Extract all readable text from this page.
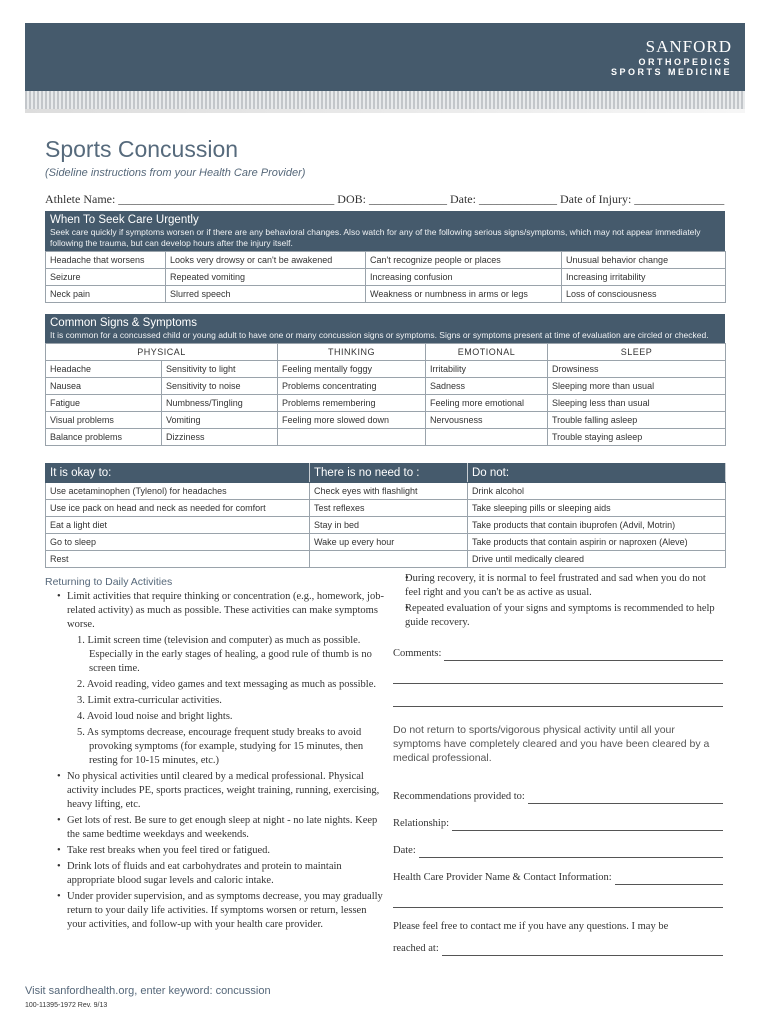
SANFORD
ORTHOPEDICS
SPORTS MEDICINE
Sports Concussion
(Sideline instructions from your Health Care Provider)
Athlete Name: ____________________________________ DOB: _____________ Date: _____________ Date of Injury: _______________
When To Seek Care Urgently
Seek care quickly if symptoms worsen or if there are any behavioral changes. Also watch for any of the following serious signs/symptoms, which may not appear immediately following the trauma, but can develop hours after the injury itself.
Headache that worsens	Looks very drowsy or can't be awakened	Can't recognize people or places	Unusual behavior change
Seizure	Repeated vomiting	Increasing confusion	Increasing irritability
Neck pain	Slurred speech	Weakness or numbness in arms or legs	Loss of consciousness
Common Signs & Symptoms
It is common for a concussed child or young adult to have one or many concussion signs or symptoms. Signs or symptoms present at time of evaluation are circled or checked.
PHYSICAL		THINKING	EMOTIONAL	SLEEP
Headache	Sensitivity to light	Feeling mentally foggy	Irritability	Drowsiness
Nausea	Sensitivity to noise	Problems concentrating	Sadness	Sleeping more than usual
Fatigue	Numbness/Tingling	Problems remembering	Feeling more emotional	Sleeping less than usual
Visual problems	Vomiting	Feeling more slowed down	Nervousness	Trouble falling asleep
Balance problems	Dizziness			Trouble staying asleep
It is okay to:	There is no need to :	Do not:
Use acetaminophen (Tylenol) for headaches	Check eyes with flashlight	Drink alcohol
Use ice pack on head and neck as needed for comfort	Test reflexes	Take sleeping pills or sleeping aids
Eat a light diet	Stay in bed	Take products that contain ibuprofen (Advil, Motrin)
Go to sleep	Wake up every hour	Take products that contain aspirin or naproxen (Aleve)
Rest		Drive until medically cleared
Returning to Daily Activities
• Limit activities that require thinking or concentration (e.g., homework, job-related activity) as much as possible. These activities can make symptoms worse.
1. Limit screen time (television and computer) as much as possible. Especially in the early stages of healing, a good rule of thumb is no screen time.
2. Avoid reading, video games and text messaging as much as possible.
3. Limit extra-curricular activities.
4. Avoid loud noise and bright lights.
5. As symptoms decrease, encourage frequent study breaks to avoid provoking symptoms (for example, studying for 15 minutes, then resting for 10-15 minutes, etc.)
• No physical activities until cleared by a medical professional. Physical activity includes PE, sports practices, weight training, running, exercising, heavy lifting, etc.
• Get lots of rest. Be sure to get enough sleep at night - no late nights. Keep the same bedtime weekdays and weekends.
• Take rest breaks when you feel tired or fatigued.
• Drink lots of fluids and eat carbohydrates and protein to maintain appropriate blood sugar levels and caloric intake.
• Under provider supervision, and as symptoms decrease, you may gradually return to your daily life activities. If symptoms worsen or return, lessen your activities, and follow-up with your health care provider.
• During recovery, it is normal to feel frustrated and sad when you do not feel right and you can't be as active as usual.
• Repeated evaluation of your signs and symptoms is recommended to help guide recovery.
Comments:
Do not return to sports/vigorous physical activity until all your symptoms have completely cleared and you have been cleared by a medical professional.
Recommendations provided to:
Relationship:
Date:
Health Care Provider Name & Contact Information:
Please feel free to contact me if you have any questions. I may be
reached at:
Visit sanfordhealth.org, enter keyword: concussion
100-11395-1972 Rev. 9/13
